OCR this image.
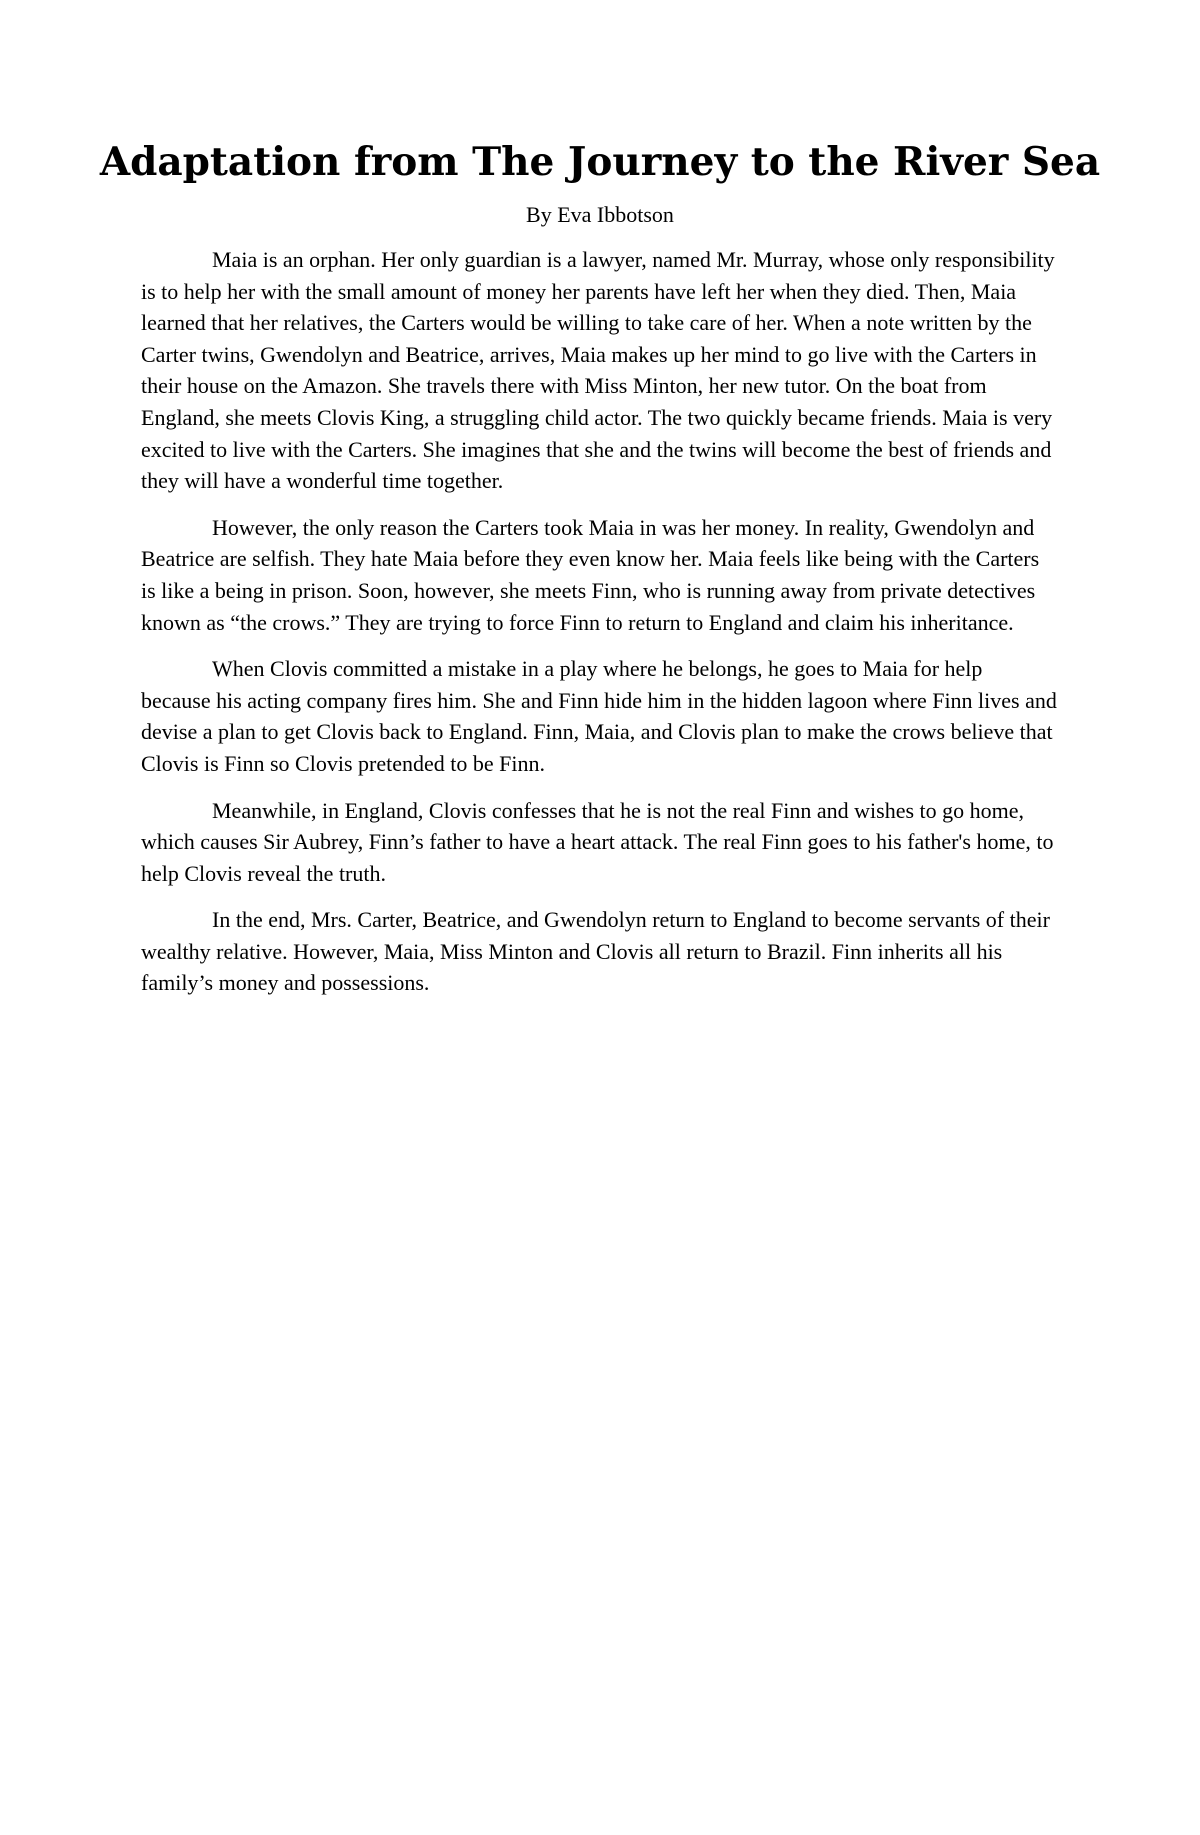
Adaptation from The Journey to the River Sea

By Eva Ibbotson

Maia is an orphan. Her only guardian is a lawyer, named Mr. Murray, whose only responsibility is to help her with the small amount of money her parents have left her when they died. Then, Maia learned that her relatives, the Carters would be willing to take care of her. When a note written by the Carter twins, Gwendolyn and Beatrice, arrives, Maia makes up her mind to go live with the Carters in their house on the Amazon. She travels there with Miss Minton, her new tutor. On the boat from England, she meets Clovis King, a struggling child actor. The two quickly became friends. Maia is very excited to live with the Carters. She imagines that she and the twins will become the best of friends and they will have a wonderful time together.

However, the only reason the Carters took Maia in was her money. In reality, Gwendolyn and Beatrice are selfish. They hate Maia before they even know her. Maia feels like being with the Carters is like a being in prison. Soon, however, she meets Finn, who is running away from private detectives known as “the crows.” They are trying to force Finn to return to England and claim his inheritance.

When Clovis committed a mistake in a play where he belongs, he goes to Maia for help because his acting company fires him. She and Finn hide him in the hidden lagoon where Finn lives and devise a plan to get Clovis back to England. Finn, Maia, and Clovis plan to make the crows believe that Clovis is Finn so Clovis pretended to be Finn.

Meanwhile, in England, Clovis confesses that he is not the real Finn and wishes to go home, which causes Sir Aubrey, Finn’s father to have a heart attack. The real Finn goes to his father's home, to help Clovis reveal the truth.

In the end, Mrs. Carter, Beatrice, and Gwendolyn return to England to become servants of their wealthy relative. However, Maia, Miss Minton and Clovis all return to Brazil. Finn inherits all his family’s money and possessions.
